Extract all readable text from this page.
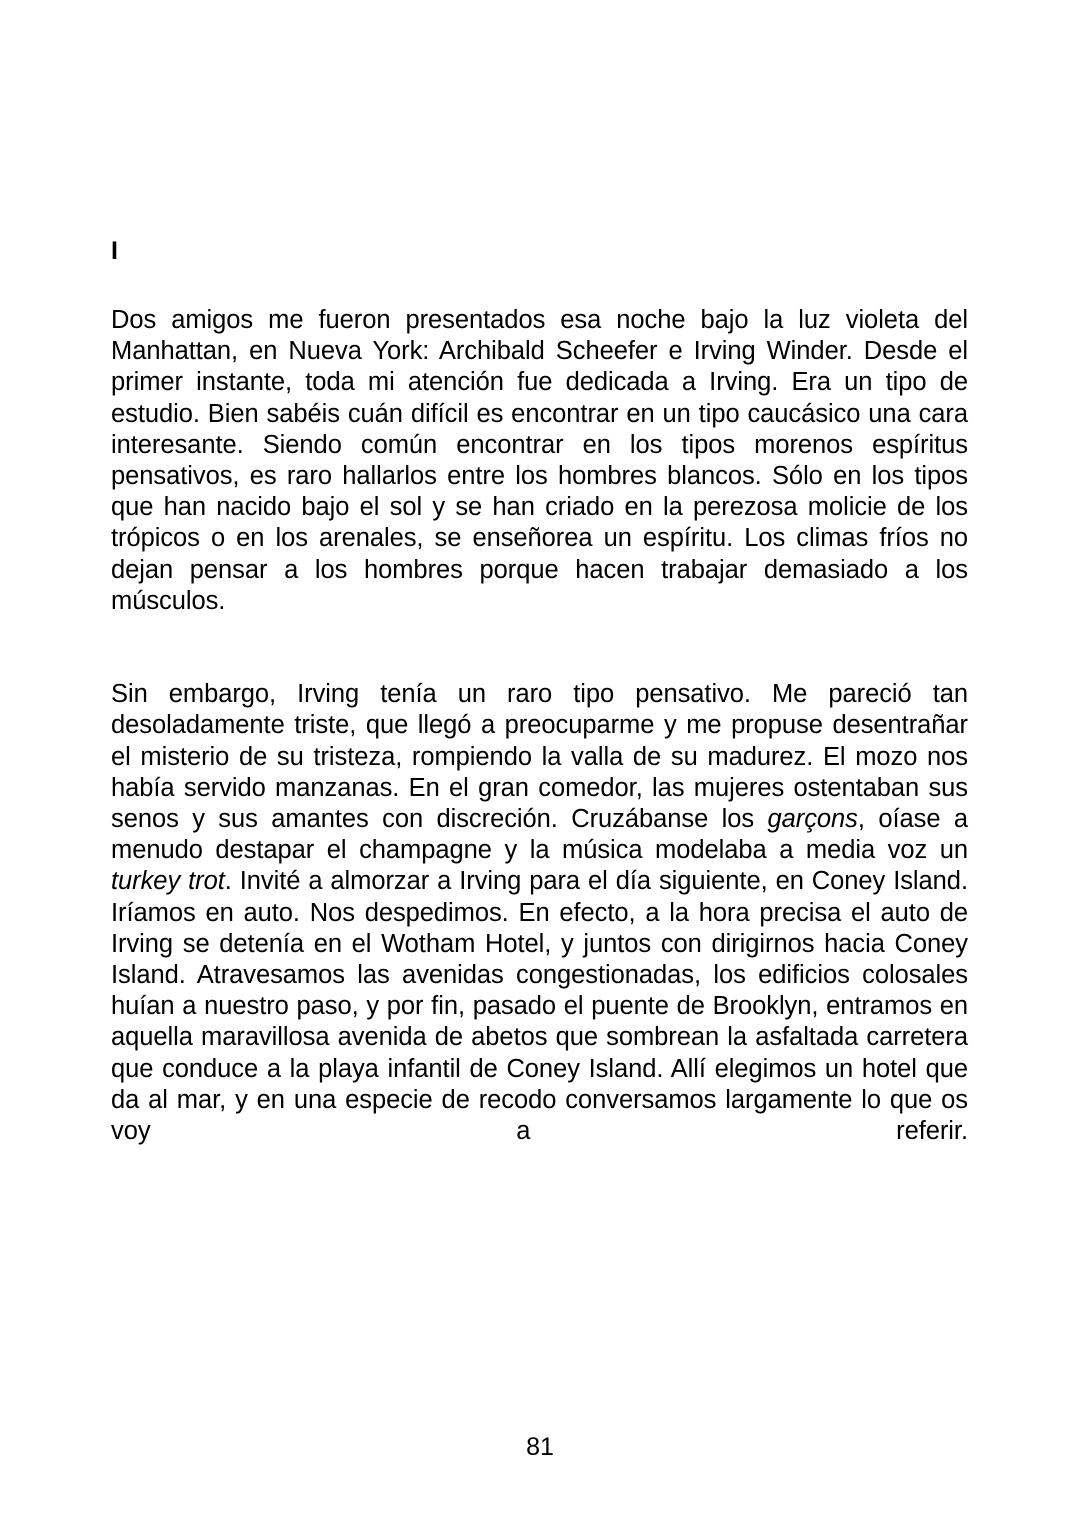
I

Dos amigos me fueron presentados esa noche bajo la luz violeta del Manhattan, en Nueva York: Archibald Scheefer e Irving Winder. Desde el primer instante, toda mi atención fue dedicada a Irving. Era un tipo de estudio. Bien sabéis cuán difícil es encontrar en un tipo caucásico una cara interesante. Siendo común encontrar en los tipos morenos espíritus pensativos, es raro hallarlos entre los hombres blancos. Sólo en los tipos que han nacido bajo el sol y se han criado en la perezosa molicie de los trópicos o en los arenales, se enseñorea un espíritu. Los climas fríos no dejan pensar a los hombres porque hacen trabajar demasiado a los músculos.

Sin embargo, Irving tenía un raro tipo pensativo. Me pareció tan desoladamente triste, que llegó a preocuparme y me propuse desentrañar el misterio de su tristeza, rompiendo la valla de su madurez. El mozo nos había servido manzanas. En el gran comedor, las mujeres ostentaban sus senos y sus amantes con discreción. Cruzábanse los garçons, oíase a menudo destapar el champagne y la música modelaba a media voz un turkey trot. Invité a almorzar a Irving para el día siguiente, en Coney Island. Iríamos en auto. Nos despedimos. En efecto, a la hora precisa el auto de Irving se detenía en el Wotham Hotel, y juntos con dirigirnos hacia Coney Island. Atravesamos las avenidas congestionadas, los edificios colosales huían a nuestro paso, y por fin, pasado el puente de Brooklyn, entramos en aquella maravillosa avenida de abetos que sombrean la asfaltada carretera que conduce a la playa infantil de Coney Island. Allí elegimos un hotel que da al mar, y en una especie de recodo conversamos largamente lo que os voy a referir.

81
